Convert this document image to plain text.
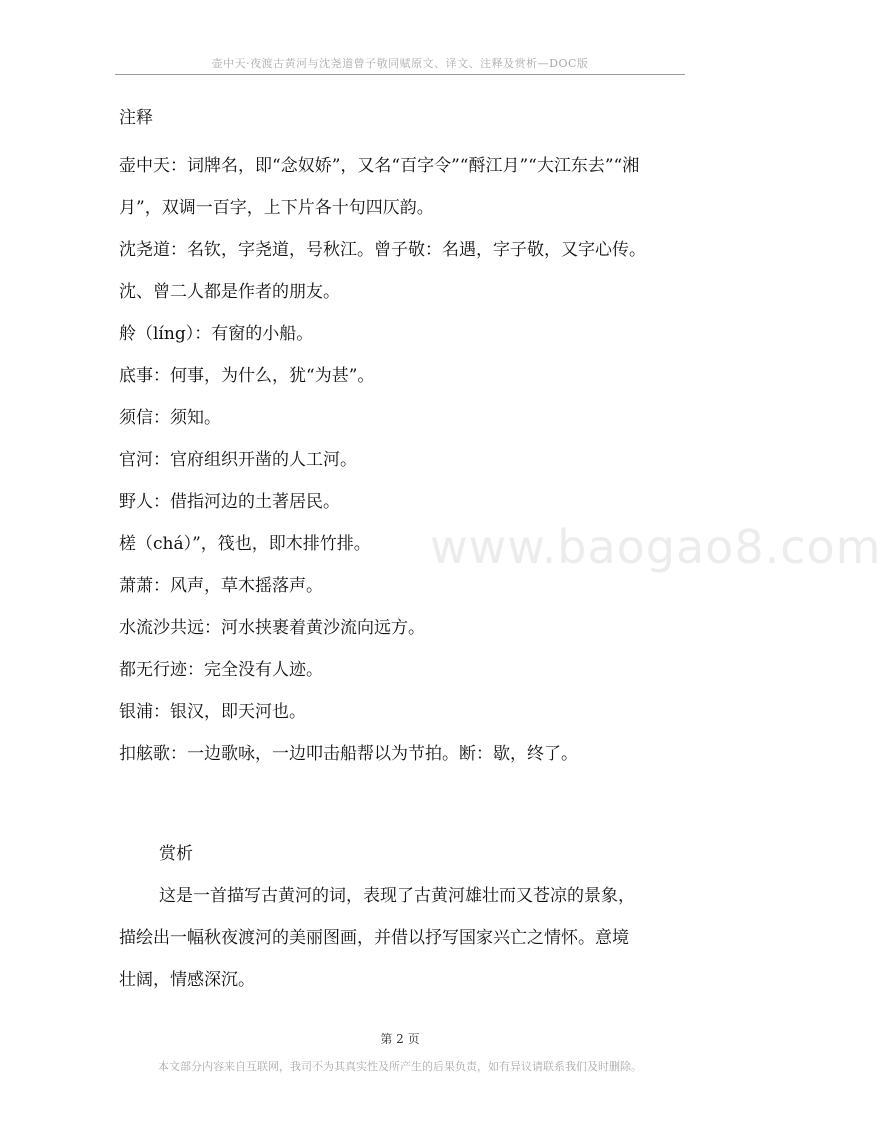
壶中天·夜渡古黄河与沈尧道曾子敬同赋原文、译文、注释及赏析—DOC版
www.baogao8.com
注释
壶中天：词牌名，即“念奴娇”，又名“百字令”“酹江月”“大江东去”“湘
月”，双调一百字，上下片各十句四仄韵。
沈尧道：名钦，字尧道，号秋江。曾子敬：名遇，字子敬，又字心传。
沈、曾二人都是作者的朋友。
舲（líng）：有窗的小船。
底事：何事，为什么，犹“为甚”。
须信：须知。
官河：官府组织开凿的人工河。
野人：借指河边的土著居民。
槎（chá）”，筏也，即木排竹排。
萧萧：风声，草木摇落声。
水流沙共远：河水挟裹着黄沙流向远方。
都无行迹：完全没有人迹。
银浦：银汉，即天河也。
扣舷歌：一边歌咏，一边叩击船帮以为节拍。断：歇，终了。
赏析
这是一首描写古黄河的词，表现了古黄河雄壮而又苍凉的景象，
描绘出一幅秋夜渡河的美丽图画，并借以抒写国家兴亡之情怀。意境
壮阔，情感深沉。
第 2 页
本文部分内容来自互联网，我司不为其真实性及所产生的后果负责，如有异议请联系我们及时删除。
